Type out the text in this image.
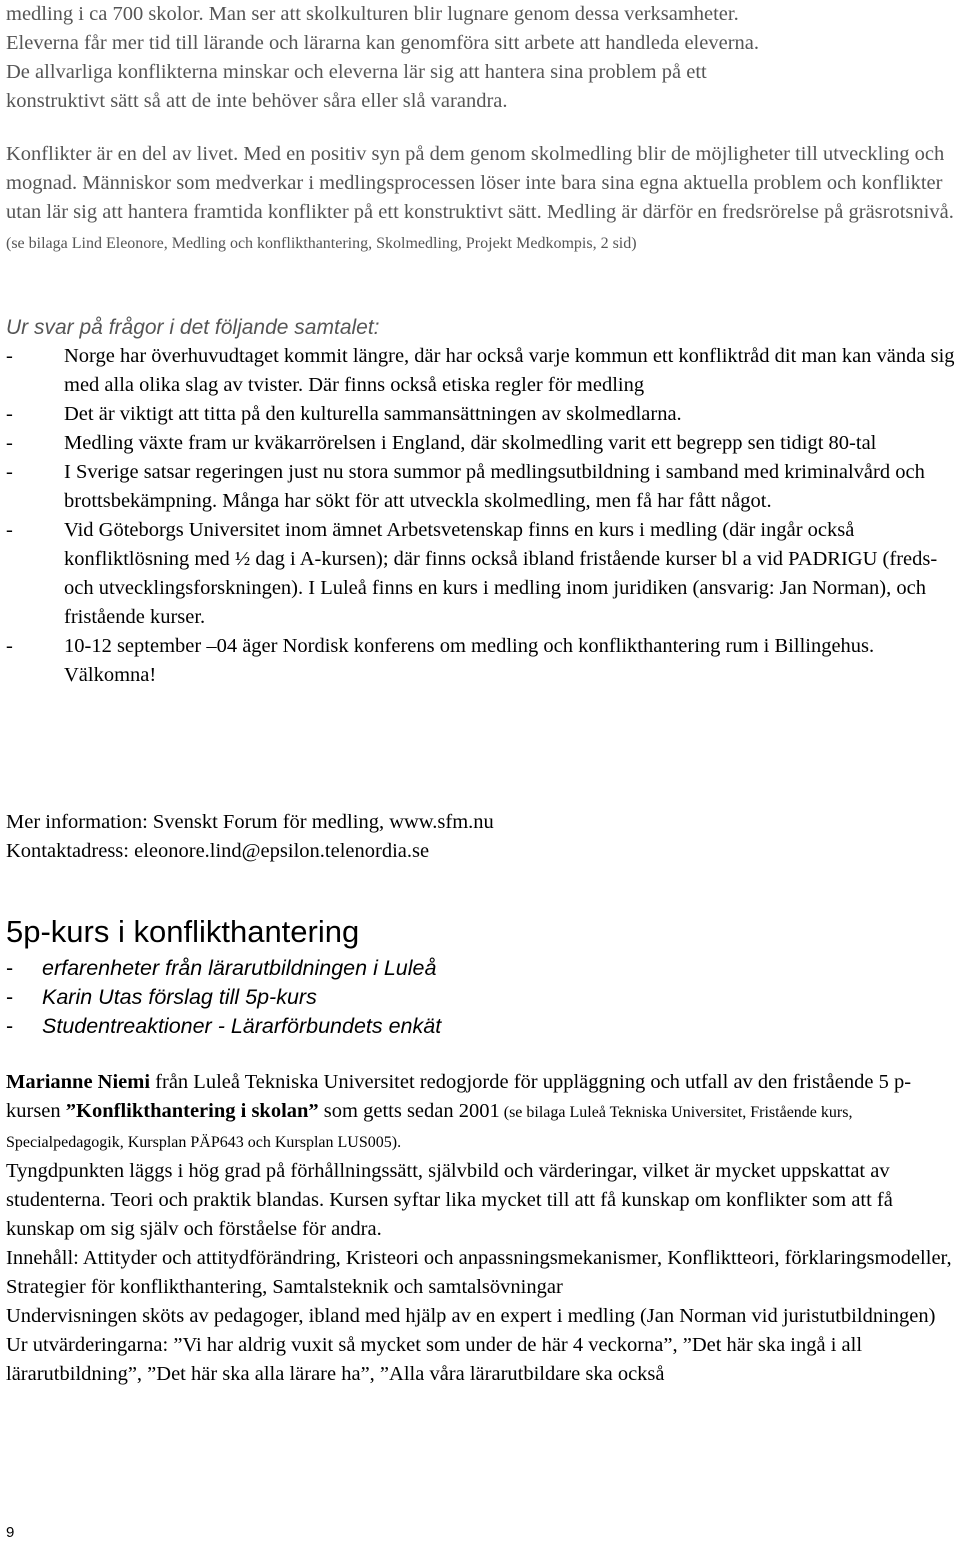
medling i ca 700 skolor. Man ser att skolkulturen blir lugnare genom dessa verksamheter.

Eleverna får mer tid till lärande och lärarna kan genomföra sitt arbete att handleda eleverna.

De allvarliga konflikterna minskar och eleverna lär sig att hantera sina problem på ett

konstruktivt sätt så att de inte behöver såra eller slå varandra.

Konflikter är en del av livet. Med en positiv syn på dem genom skolmedling blir de möjligheter till utveckling och mognad. Människor som medverkar i medlingsprocessen löser inte bara sina egna aktuella problem och konflikter utan lär sig att hantera framtida konflikter på ett konstruktivt sätt. Medling är därför en fredsrörelse på gräsrotsnivå. (se bilaga Lind Eleonore, Medling och konflikthantering, Skolmedling, Projekt Medkompis, 2 sid)

Ur svar på frågor i det följande samtalet:

- Norge har överhuvudtaget kommit längre, där har också varje kommun ett konfliktråd dit man kan vända sig med alla olika slag av tvister. Där finns också etiska regler för medling
- Det är viktigt att titta på den kulturella sammansättningen av skolmedlarna.
- Medling växte fram ur kväkarrörelsen i England, där skolmedling varit ett begrepp sen tidigt 80-tal
- I Sverige satsar regeringen just nu stora summor på medlingsutbildning i samband med kriminalvård och brottsbekämpning. Många har sökt för att utveckla skolmedling, men få har fått något.
- Vid Göteborgs Universitet inom ämnet Arbetsvetenskap finns en kurs i medling (där ingår också konfliktlösning med ½ dag i A-kursen); där finns också ibland fristående kurser bl a vid PADRIGU (freds- och utvecklingsforskningen). I Luleå finns en kurs i medling inom juridiken (ansvarig: Jan Norman), och fristående kurser.
- 10-12 september –04 äger Nordisk konferens om medling och konflikthantering rum i Billingehus. Välkomna!

Mer information: Svenskt Forum för medling, www.sfm.nu

Kontaktadress: eleonore.lind@epsilon.telenordia.se

5p-kurs i konflikthantering
- erfarenheter från lärarutbildningen i Luleå
- Karin Utas förslag till 5p-kurs
- Studentreaktioner - Lärarförbundets enkät

Marianne Niemi från Luleå Tekniska Universitet redogjorde för uppläggning och utfall av den fristående 5 p-kursen ”Konflikthantering i skolan” som getts sedan 2001 (se bilaga Luleå Tekniska Universitet, Fristående kurs, Specialpedagogik, Kursplan PÄP643 och Kursplan LUS005).

Tyngdpunkten läggs i hög grad på förhållningssätt, självbild och värderingar, vilket är mycket uppskattat av studenterna. Teori och praktik blandas. Kursen syftar lika mycket till att få kunskap om konflikter som att få kunskap om sig själv och förståelse för andra.

Innehåll: Attityder och attitydförändring, Kristeori och anpassningsmekanismer, Konfliktteori, förklaringsmodeller, Strategier för konflikthantering, Samtalsteknik och samtalsövningar

Undervisningen sköts av pedagoger, ibland med hjälp av en expert i medling (Jan Norman vid juristutbildningen)

Ur utvärderingarna: ”Vi har aldrig vuxit så mycket som under de här 4 veckorna”, ”Det här ska ingå i all lärarutbildning”, ”Det här ska alla lärare ha”, ”Alla våra lärarutbildare ska också

9
